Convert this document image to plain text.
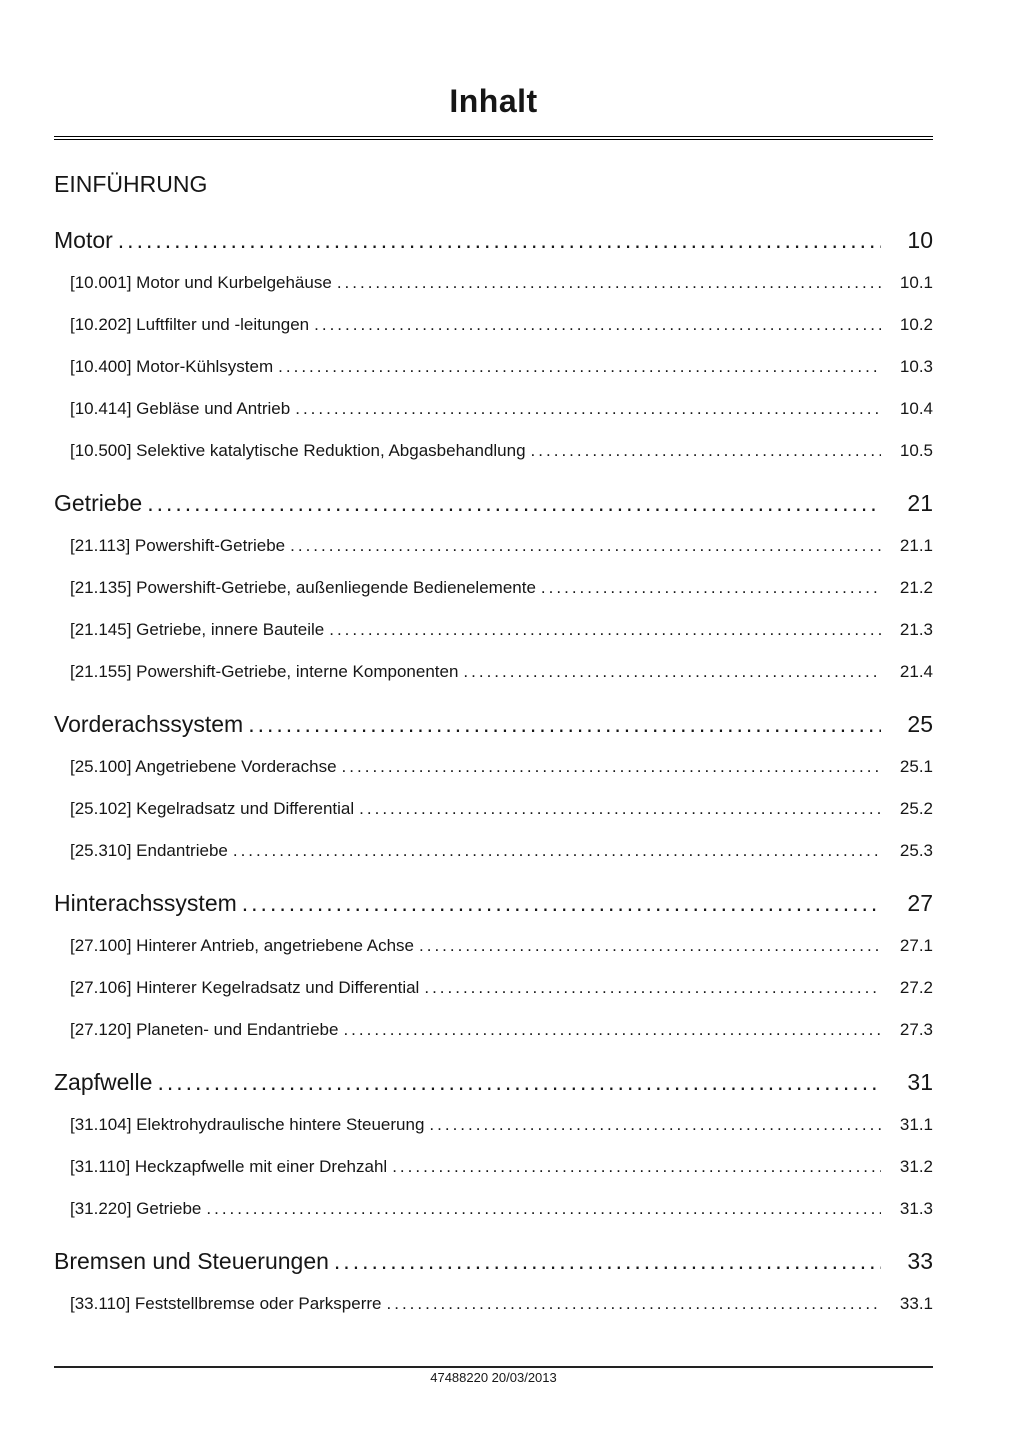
Inhalt
EINFÜHRUNG
Motor .....	10
[10.001] Motor und Kurbelgehäuse .....	10.1
[10.202] Luftfilter und -leitungen .....	10.2
[10.400] Motor-Kühlsystem .....	10.3
[10.414] Gebläse und Antrieb .....	10.4
[10.500] Selektive katalytische Reduktion, Abgasbehandlung .....	10.5
Getriebe .....	21
[21.113] Powershift-Getriebe .....	21.1
[21.135] Powershift-Getriebe, außenliegende Bedienelemente .....	21.2
[21.145] Getriebe, innere Bauteile .....	21.3
[21.155] Powershift-Getriebe, interne Komponenten .....	21.4
Vorderachssystem .....	25
[25.100] Angetriebene Vorderachse .....	25.1
[25.102] Kegelradsatz und Differential .....	25.2
[25.310] Endantriebe .....	25.3
Hinterachssystem .....	27
[27.100] Hinterer Antrieb, angetriebene Achse .....	27.1
[27.106] Hinterer Kegelradsatz und Differential .....	27.2
[27.120] Planeten- und Endantriebe .....	27.3
Zapfwelle .....	31
[31.104] Elektrohydraulische hintere Steuerung .....	31.1
[31.110] Heckzapfwelle mit einer Drehzahl .....	31.2
[31.220] Getriebe .....	31.3
Bremsen und Steuerungen .....	33
[33.110] Feststellbremse oder Parksperre .....	33.1
47488220 20/03/2013
